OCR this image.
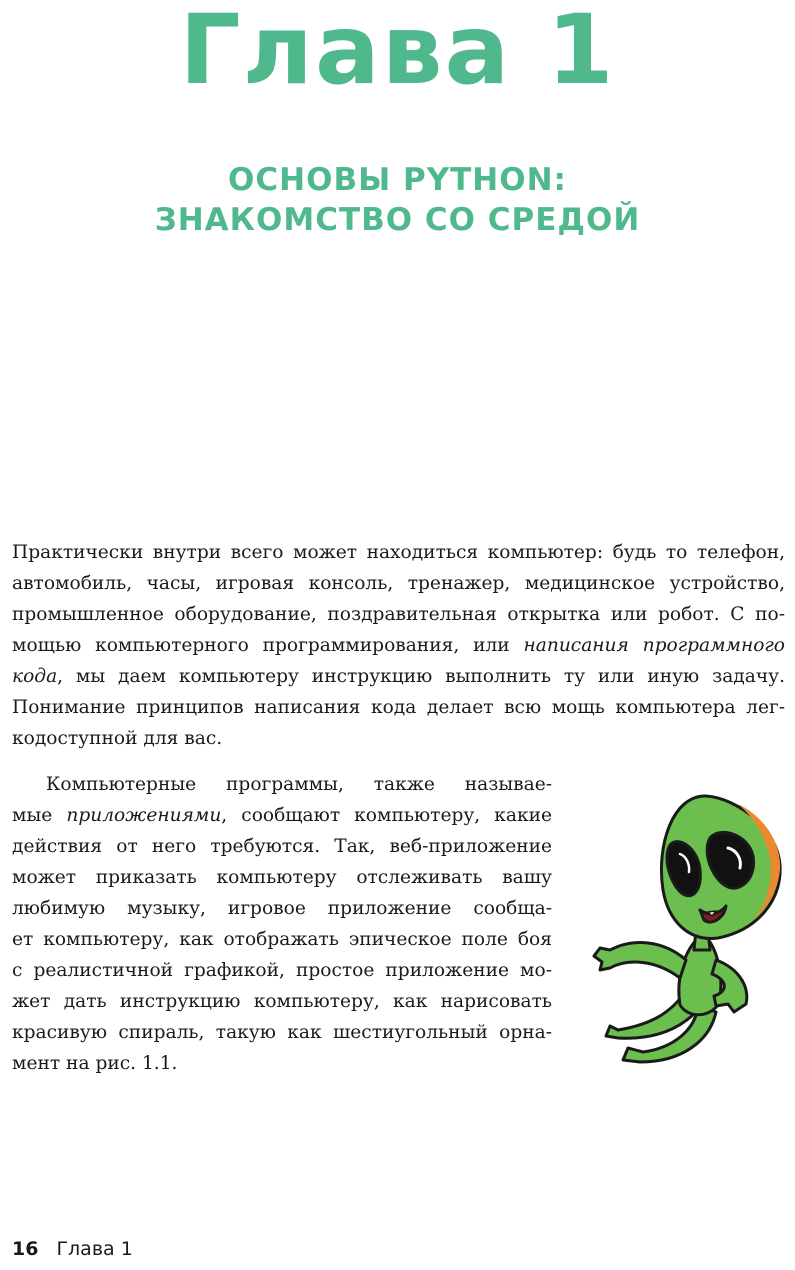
Глава 1
ОСНОВЫ PYTHON:
ЗНАКОМСТВО СО СРЕДОЙ

Практически внутри всего может находиться компьютер: будь то телефон,
автомобиль, часы, игровая консоль, тренажер, медицинское устройство,
промышленное оборудование, поздравительная открытка или робот. С по-
мощью компьютерного программирования, или написания программного
кода, мы даем компьютеру инструкцию выполнить ту или иную задачу.
Понимание принципов написания кода делает всю мощь компьютера лег-
кодоступной для вас.

Компьютерные программы, также называе-
мые приложениями, сообщают компьютеру, какие
действия от него требуются. Так, веб-приложение
может приказать компьютеру отслеживать вашу
любимую музыку, игровое приложение сообща-
ет компьютеру, как отображать эпическое поле боя
с реалистичной графикой, простое приложение мо-
жет дать инструкцию компьютеру, как нарисовать
красивую спираль, такую как шестиугольный орна-
мент на рис. 1.1.

16 Глава 1
